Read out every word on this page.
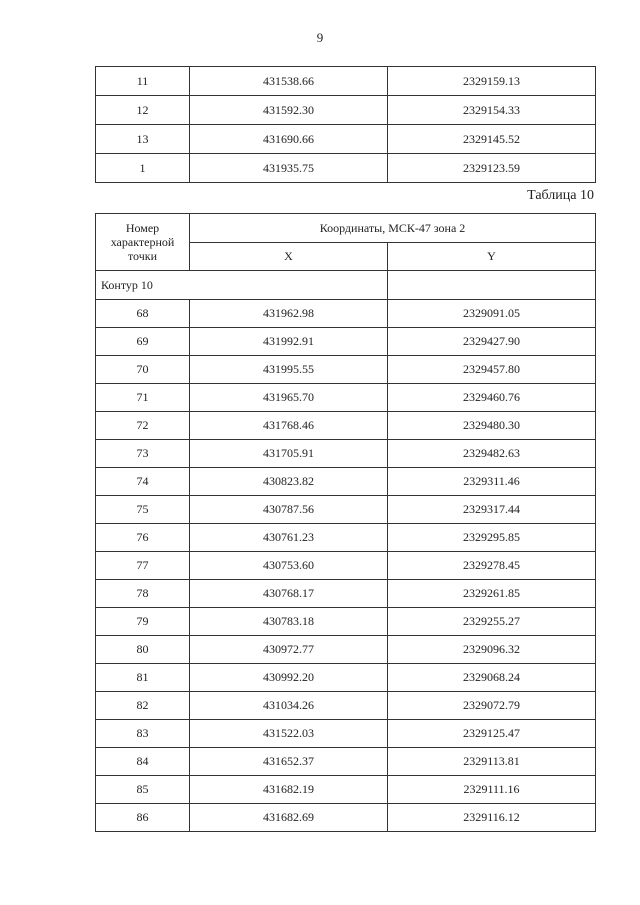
9
11	431538.66	2329159.13
12	431592.30	2329154.33
13	431690.66	2329145.52
1	431935.75	2329123.59
Таблица 10
Номер характерной точки	Координаты, МСК-47 зона 2	
	X	Y
Контур 10		
68	431962.98	2329091.05
69	431992.91	2329427.90
70	431995.55	2329457.80
71	431965.70	2329460.76
72	431768.46	2329480.30
73	431705.91	2329482.63
74	430823.82	2329311.46
75	430787.56	2329317.44
76	430761.23	2329295.85
77	430753.60	2329278.45
78	430768.17	2329261.85
79	430783.18	2329255.27
80	430972.77	2329096.32
81	430992.20	2329068.24
82	431034.26	2329072.79
83	431522.03	2329125.47
84	431652.37	2329113.81
85	431682.19	2329111.16
86	431682.69	2329116.12
